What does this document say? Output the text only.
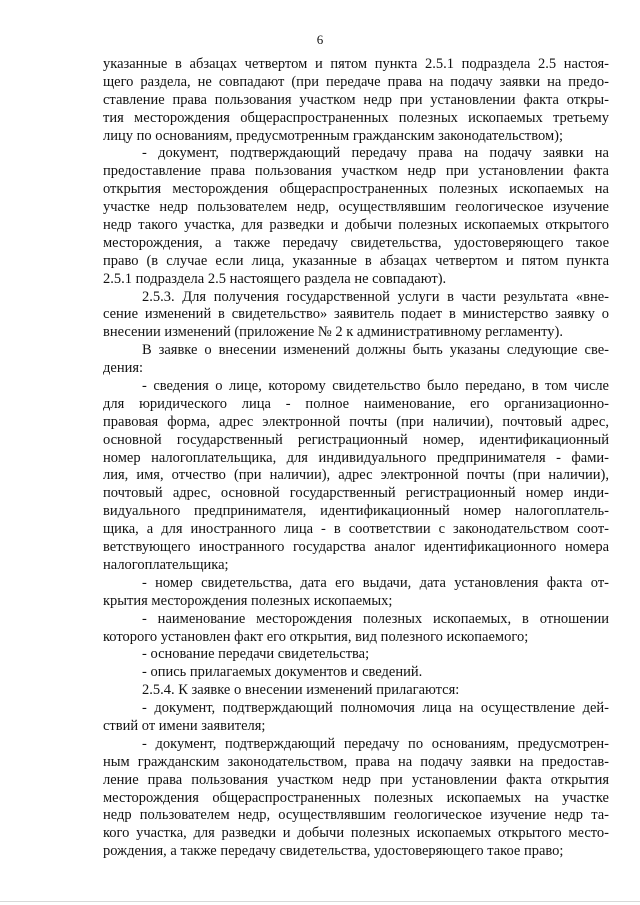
6
указанные в абзацах четвертом и пятом пункта 2.5.1 подраздела 2.5 настоя-
щего раздела, не совпадают (при передаче права на подачу заявки на предо-
ставление права пользования участком недр при установлении факта откры-
тия месторождения общераспространенных полезных ископаемых третьему
лицу по основаниям, предусмотренным гражданским законодательством);
- документ, подтверждающий передачу права на подачу заявки на
предоставление права пользования участком недр при установлении факта
открытия месторождения общераспространенных полезных ископаемых на
участке недр пользователем недр, осуществлявшим геологическое изучение
недр такого участка, для разведки и добычи полезных ископаемых открытого
месторождения, а также передачу свидетельства, удостоверяющего такое
право (в случае если лица, указанные в абзацах четвертом и пятом пункта
2.5.1 подраздела 2.5 настоящего раздела не совпадают).
2.5.3. Для получения государственной услуги в части результата «вне-
сение изменений в свидетельство» заявитель подает в министерство заявку о
внесении изменений (приложение № 2 к административному регламенту).
В заявке о внесении изменений должны быть указаны следующие све-
дения:
- сведения о лице, которому свидетельство было передано, в том числе
для юридического лица - полное наименование, его организационно-
правовая форма, адрес электронной почты (при наличии), почтовый адрес,
основной государственный регистрационный номер, идентификационный
номер налогоплательщика, для индивидуального предпринимателя - фами-
лия, имя, отчество (при наличии), адрес электронной почты (при наличии),
почтовый адрес, основной государственный регистрационный номер инди-
видуального предпринимателя, идентификационный номер налогоплатель-
щика, а для иностранного лица - в соответствии с законодательством соот-
ветствующего иностранного государства аналог идентификационного номера
налогоплательщика;
- номер свидетельства, дата его выдачи, дата установления факта от-
крытия месторождения полезных ископаемых;
- наименование месторождения полезных ископаемых, в отношении
которого установлен факт его открытия, вид полезного ископаемого;
- основание передачи свидетельства;
- опись прилагаемых документов и сведений.
2.5.4. К заявке о внесении изменений прилагаются:
- документ, подтверждающий полномочия лица на осуществление дей-
ствий от имени заявителя;
- документ, подтверждающий передачу по основаниям, предусмотрен-
ным гражданским законодательством, права на подачу заявки на предостав-
ление права пользования участком недр при установлении факта открытия
месторождения общераспространенных полезных ископаемых на участке
недр пользователем недр, осуществлявшим геологическое изучение недр та-
кого участка, для разведки и добычи полезных ископаемых открытого место-
рождения, а также передачу свидетельства, удостоверяющего такое право;
